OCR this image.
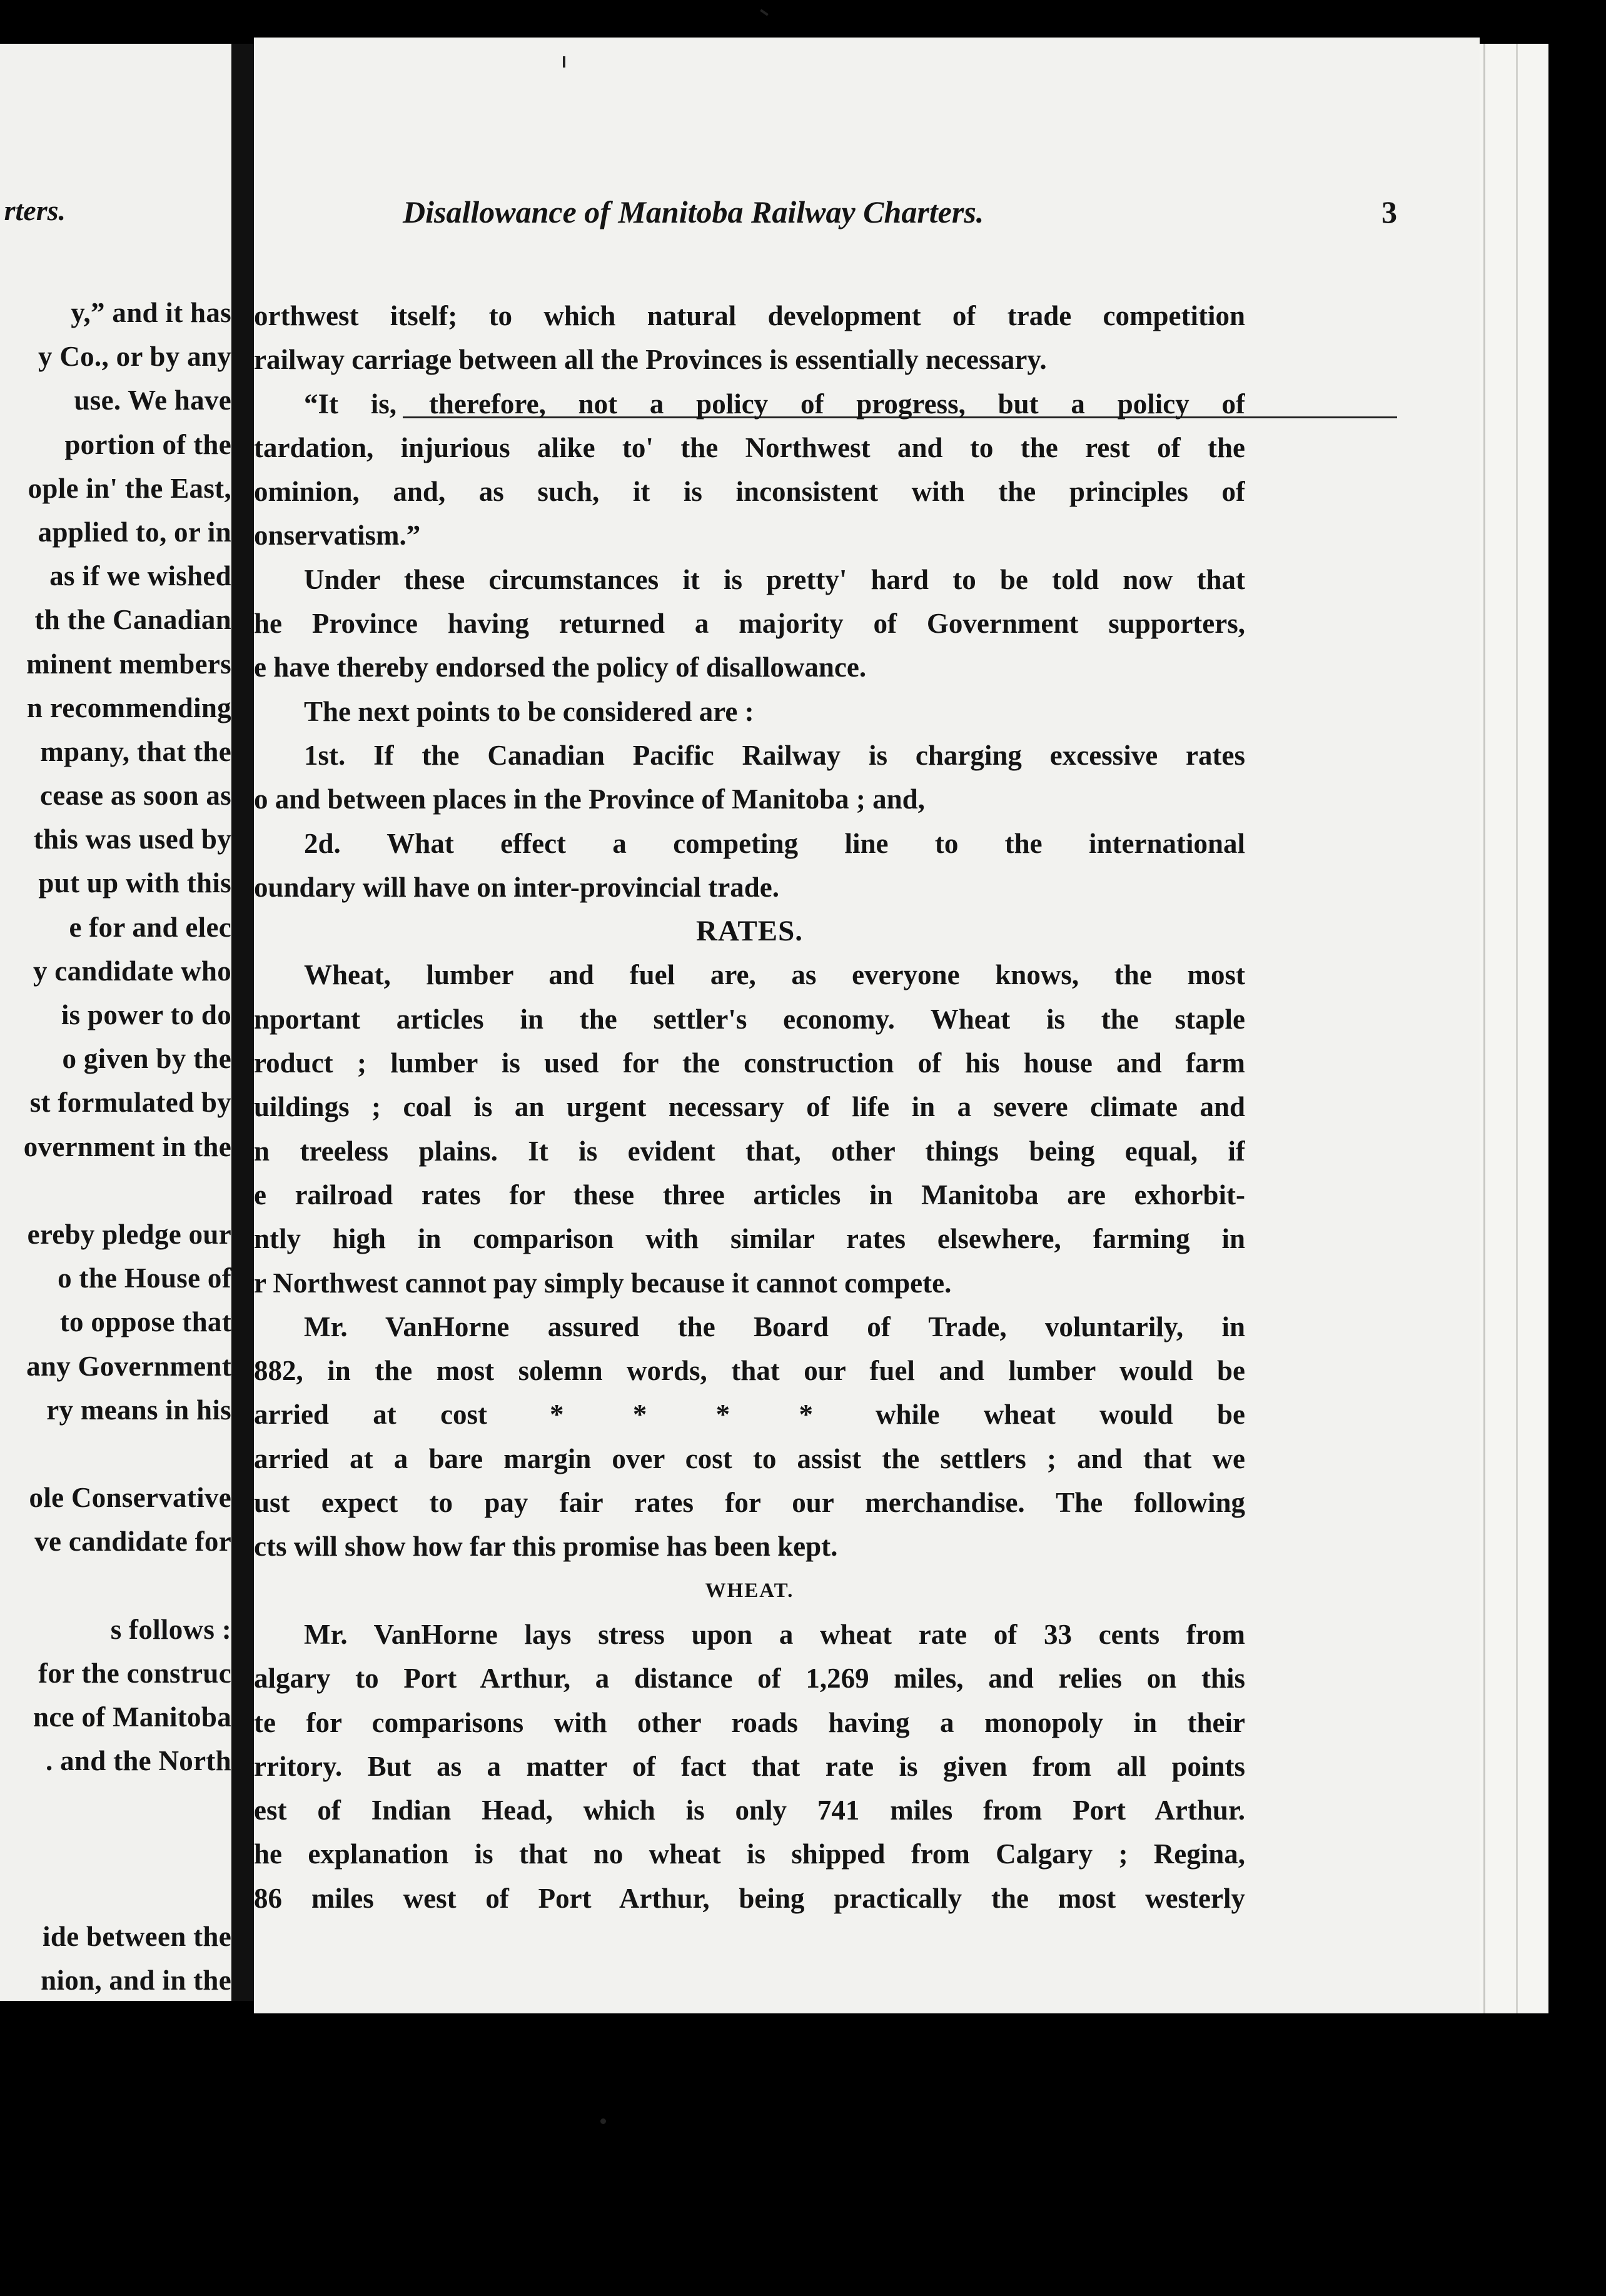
rters.
y,” and it has
y Co., or by any
use. We have
portion of the
ople in' the East,
applied to, or in
as if we wished
th the Canadian
minent members
n recommending
mpany, that the
cease as soon as
this was used by
put up with this
e for and elec
y candidate who
is power to do
o given by the
st formulated by
overnment in the
ereby pledge our
o the House of
to oppose that
any Government
ry means in his
ole Conservative
ve candidate for
s follows :
for the construc
nce of Manitoba
. and the North
ide between the
nion, and in the
Disallowance of Manitoba Railway Charters.	3
orthwest itself; to which natural development of trade competition
railway carriage between all the Provinces is essentially necessary.
“It is, therefore, not a policy of progress, but a policy of
tardation, injurious alike to' the Northwest and to the rest of the
ominion, and, as such, it is inconsistent with the principles of
onservatism.”
Under these circumstances it is pretty' hard to be told now that
he Province having returned a majority of Government supporters,
e have thereby endorsed the policy of disallowance.
The next points to be considered are :
1st. If the Canadian Pacific Railway is charging excessive rates
o and between places in the Province of Manitoba ; and,
2d. What effect a competing line to the international
oundary will have on inter-provincial trade.
RATES.
Wheat, lumber and fuel are, as everyone knows, the most
nportant articles in the settler's economy. Wheat is the staple
roduct ; lumber is used for the construction of his house and farm
uildings ; coal is an urgent necessary of life in a severe climate and
n treeless plains. It is evident that, other things being equal, if
e railroad rates for these three articles in Manitoba are exhorbit-
ntly high in comparison with similar rates elsewhere, farming in
r Northwest cannot pay simply because it cannot compete.
Mr. VanHorne assured the Board of Trade, voluntarily, in
882, in the most solemn words, that our fuel and lumber would be
arried at cost * * * * while wheat would be
arried at a bare margin over cost to assist the settlers ; and that we
ust expect to pay fair rates for our merchandise. The following
cts will show how far this promise has been kept.
WHEAT.
Mr. VanHorne lays stress upon a wheat rate of 33 cents from
algary to Port Arthur, a distance of 1,269 miles, and relies on this
te for comparisons with other roads having a monopoly in their
rritory. But as a matter of fact that rate is given from all points
est of Indian Head, which is only 741 miles from Port Arthur.
he explanation is that no wheat is shipped from Calgary ; Regina,
86 miles west of Port Arthur, being practically the most westerly
